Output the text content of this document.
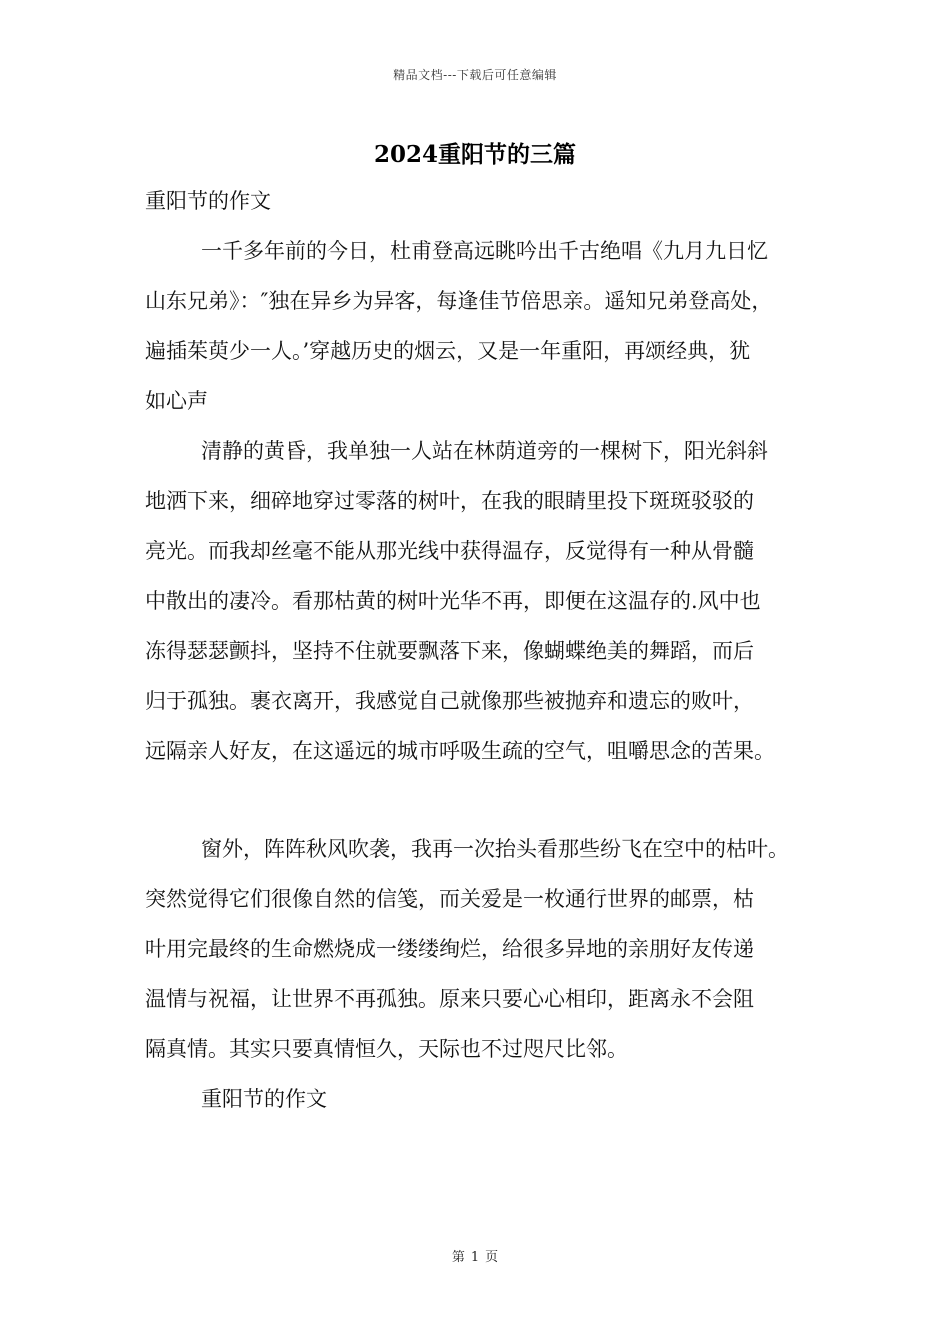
精品文档---下载后可任意编辑
2024重阳节的三篇
重阳节的作文
一千多年前的今日，杜甫登高远眺吟出千古绝唱《九月九日忆
山东兄弟》：″独在异乡为异客，每逢佳节倍思亲。遥知兄弟登高处，
遍插茱萸少一人。’穿越历史的烟云，又是一年重阳，再颂经典，犹
如心声
清静的黄昏，我单独一人站在林荫道旁的一棵树下，阳光斜斜
地洒下来，细碎地穿过零落的树叶，在我的眼睛里投下斑斑驳驳的
亮光。而我却丝毫不能从那光线中获得温存，反觉得有一种从骨髓
中散出的凄冷。看那枯黄的树叶光华不再，即便在这温存的.风中也
冻得瑟瑟颤抖，坚持不住就要飘落下来，像蝴蝶绝美的舞蹈，而后
归于孤独。裹衣离开，我感觉自己就像那些被抛弃和遗忘的败叶，
远隔亲人好友，在这遥远的城市呼吸生疏的空气，咀嚼思念的苦果。
窗外，阵阵秋风吹袭，我再一次抬头看那些纷飞在空中的枯叶。
突然觉得它们很像自然的信笺，而关爱是一枚通行世界的邮票，枯
叶用完最终的生命燃烧成一缕缕绚烂，给很多异地的亲朋好友传递
温情与祝福，让世界不再孤独。原来只要心心相印，距离永不会阻
隔真情。其实只要真情恒久，天际也不过咫尺比邻。
重阳节的作文
第 1 页
